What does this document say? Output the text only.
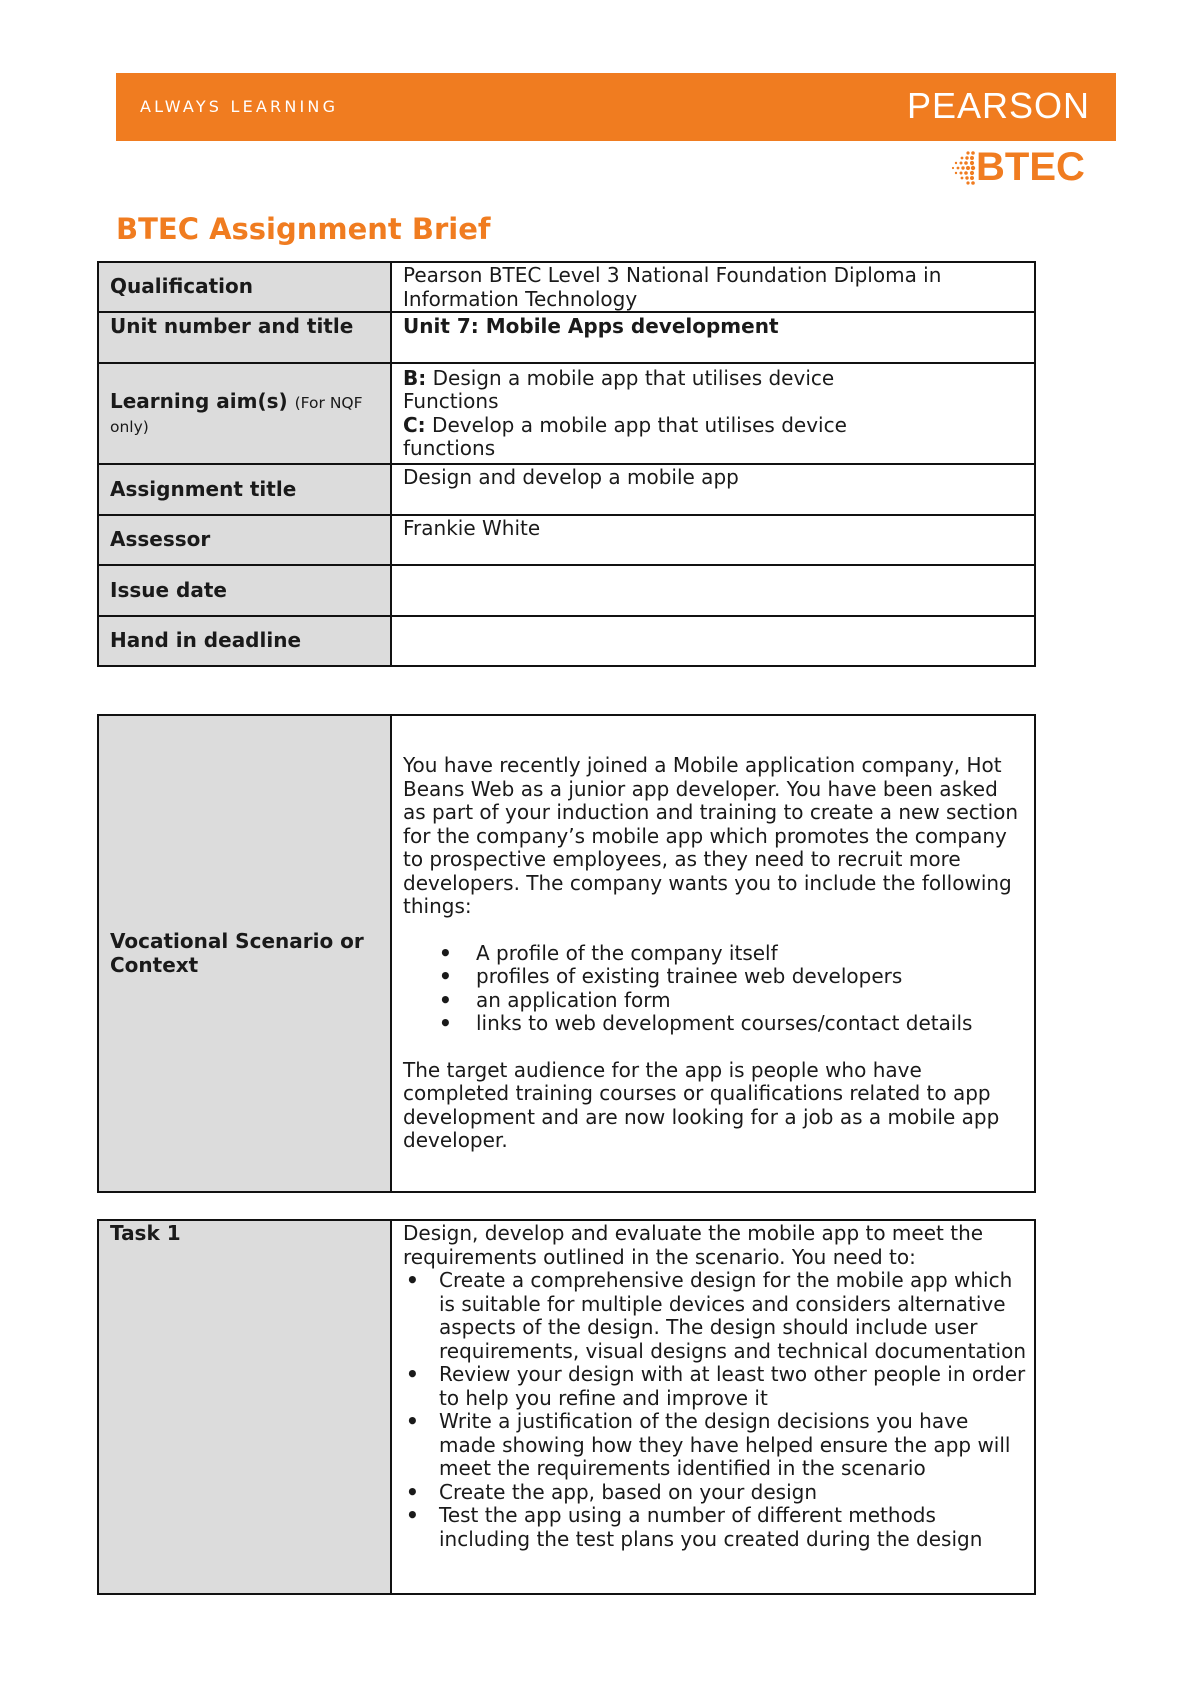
ALWAYS LEARNING	PEARSON
BTEC
BTEC Assignment Brief
Qualification	Pearson BTEC Level 3 National Foundation Diploma in Information Technology
Unit number and title	Unit 7: Mobile Apps development
Learning aim(s) (For NQF only)	B: Design a mobile app that utilises device
Functions
C: Develop a mobile app that utilises device
functions

Assignment title	Design and develop a mobile app
Assessor	Frankie White
Issue date	
Hand in deadline	
Vocational Scenario or Context	
You have recently joined a Mobile application company, Hot Beans Web as a junior app developer. You have been asked as part of your induction and training to create a new section for the company’s mobile app which promotes the company to prospective employees, as they need to recruit more developers. The company wants you to include the following things:
• A profile of the company itself
• profiles of existing trainee web developers
• an application form
• links to web development courses/contact details
The target audience for the app is people who have completed training courses or qualifications related to app development and are now looking for a job as a mobile app developer.
Task 1	Design, develop and evaluate the mobile app to meet the requirements outlined in the scenario. You need to:
• Create a comprehensive design for the mobile app which is suitable for multiple devices and considers alternative aspects of the design. The design should include user requirements, visual designs and technical documentation
• Review your design with at least two other people in order to help you refine and improve it
• Write a justification of the design decisions you have made showing how they have helped ensure the app will meet the requirements identified in the scenario
• Create the app, based on your design
• Test the app using a number of different methods including the test plans you created during the design
